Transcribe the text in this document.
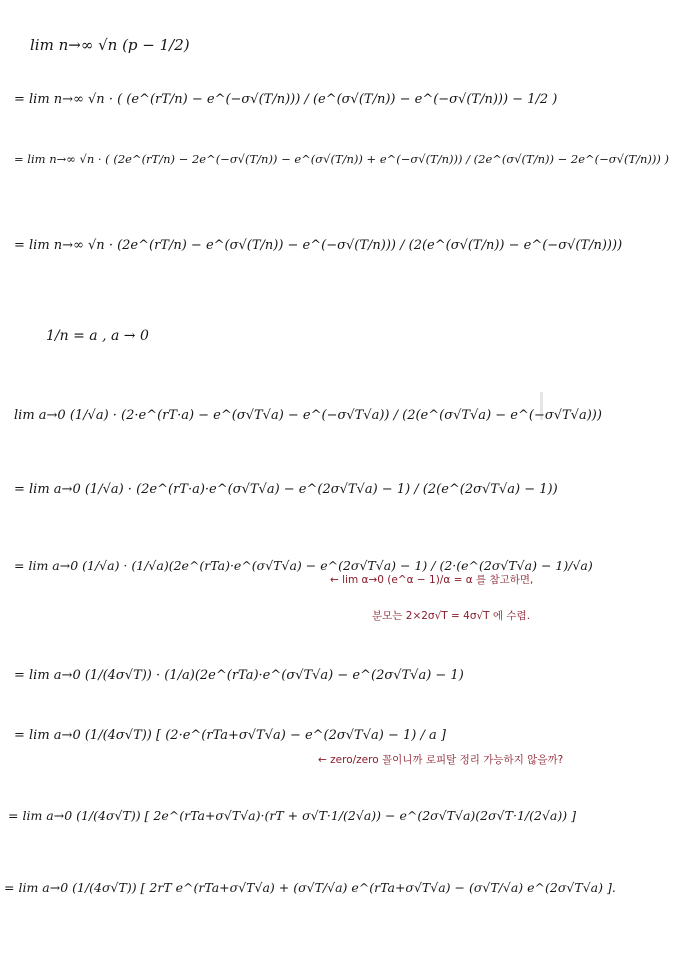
lim n→∞ √n (p − 1/2)
= lim n→∞ √n · ( (e^(rT/n) − e^(−σ√(T/n))) / (e^(σ√(T/n)) − e^(−σ√(T/n))) − 1/2 )
= lim n→∞ √n · ( (2e^(rT/n) − 2e^(−σ√(T/n)) − e^(σ√(T/n)) + e^(−σ√(T/n))) / (2e^(σ√(T/n)) − 2e^(−σ√(T/n))) )
= lim n→∞ √n · (2e^(rT/n) − e^(σ√(T/n)) − e^(−σ√(T/n))) / (2(e^(σ√(T/n)) − e^(−σ√(T/n))))
1/n = a , a → 0
lim a→0 (1/√a) · (2·e^(rT·a) − e^(σ√T√a) − e^(−σ√T√a)) / (2(e^(σ√T√a) − e^(−σ√T√a)))
= lim a→0 (1/√a) · (2e^(rT·a)·e^(σ√T√a) − e^(2σ√T√a) − 1) / (2(e^(2σ√T√a) − 1))
= lim a→0 (1/√a) · (1/√a)(2e^(rTa)·e^(σ√T√a) − e^(2σ√T√a) − 1) / (2·(e^(2σ√T√a) − 1)/√a)
= lim a→0 (1/(4σ√T)) · (1/a)(2e^(rTa)·e^(σ√T√a) − e^(2σ√T√a) − 1)
= lim a→0 (1/(4σ√T)) [ (2·e^(rTa+σ√T√a) − e^(2σ√T√a) − 1) / a ]
= lim a→0 (1/(4σ√T)) [ 2e^(rTa+σ√T√a)·(rT + σ√T·1/(2√a)) − e^(2σ√T√a)(2σ√T·1/(2√a)) ]
= lim a→0 (1/(4σ√T)) [ 2rT e^(rTa+σ√T√a) + (σ√T/√a) e^(rTa+σ√T√a) − (σ√T/√a) e^(2σ√T√a) ].
← lim α→0 (e^α − 1)/α = α 를 참고하면,
분모는 2×2σ√T = 4σ√T 에 수렴.
← zero/zero 꼴이니까 로피탈 정리 가능하지 않을까?
